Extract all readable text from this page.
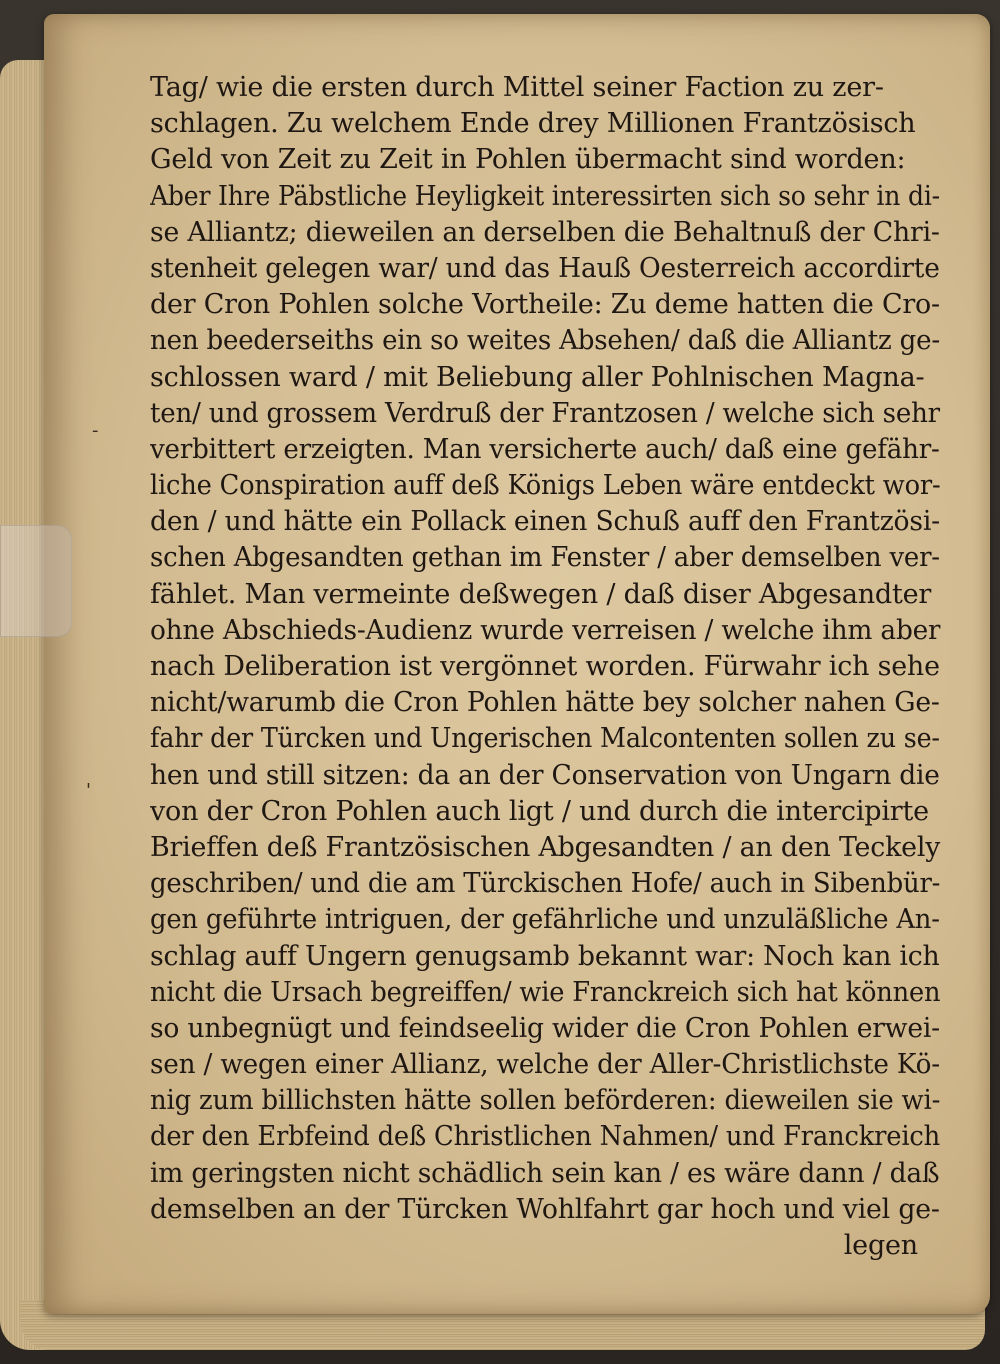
-
'
Tag/ wie die ersten durch Mittel seiner Faction zu zer-
schlagen. Zu welchem Ende drey Millionen Frantzösisch
Geld von Zeit zu Zeit in Pohlen übermacht sind worden:
Aber Ihre Päbstliche Heyligkeit interessirten sich so sehr in di-
se Alliantz; dieweilen an derselben die Behaltnuß der Chri-
stenheit gelegen war/ und das Hauß Oesterreich accordirte
der Cron Pohlen solche Vortheile: Zu deme hatten die Cro-
nen beederseiths ein so weites Absehen/ daß die Alliantz ge-
schlossen ward / mit Beliebung aller Pohlnischen Magna-
ten/ und grossem Verdruß der Frantzosen / welche sich sehr
verbittert erzeigten. Man versicherte auch/ daß eine gefähr-
liche Conspiration auff deß Königs Leben wäre entdeckt wor-
den / und hätte ein Pollack einen Schuß auff den Frantzösi-
schen Abgesandten gethan im Fenster / aber demselben ver-
fählet. Man vermeinte deßwegen / daß diser Abgesandter
ohne Abschieds-Audienz wurde verreisen / welche ihm aber
nach Deliberation ist vergönnet worden. Fürwahr ich sehe
nicht/warumb die Cron Pohlen hätte bey solcher nahen Ge-
fahr der Türcken und Ungerischen Malcontenten sollen zu se-
hen und still sitzen: da an der Conservation von Ungarn die
von der Cron Pohlen auch ligt / und durch die intercipirte
Brieffen deß Frantzösischen Abgesandten / an den Teckely
geschriben/ und die am Türckischen Hofe/ auch in Sibenbür-
gen geführte intriguen, der gefährliche und unzuläßliche An-
schlag auff Ungern genugsamb bekannt war: Noch kan ich
nicht die Ursach begreiffen/ wie Franckreich sich hat können
so unbegnügt und feindseelig wider die Cron Pohlen erwei-
sen / wegen einer Allianz, welche der Aller-Christlichste Kö-
nig zum billichsten hätte sollen beförderen: dieweilen sie wi-
der den Erbfeind deß Christlichen Nahmen/ und Franckreich
im geringsten nicht schädlich sein kan / es wäre dann / daß
demselben an der Türcken Wohlfahrt gar hoch und viel ge-
legen
